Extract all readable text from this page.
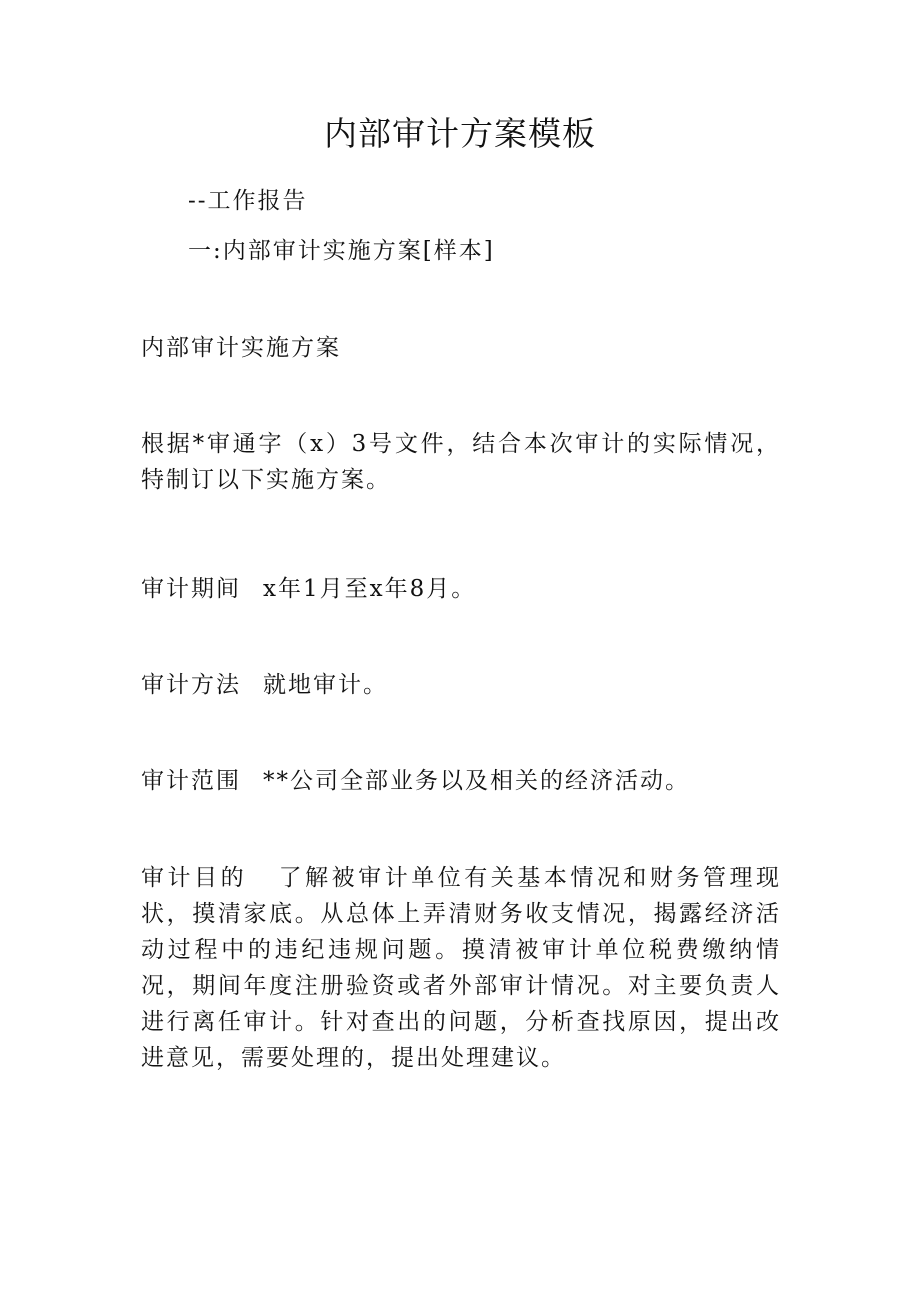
内部审计方案模板
--工作报告
一:内部审计实施方案[样本]
内部审计实施方案
根据*审通字（x）3号文件，结合本次审计的实际情况，特制订以下实施方案。
审计期间 x年1月至x年8月。
审计方法 就地审计。
审计范围 **公司全部业务以及相关的经济活动。
审计目的 了解被审计单位有关基本情况和财务管理现状，摸清家底。从总体上弄清财务收支情况，揭露经济活动过程中的违纪违规问题。摸清被审计单位税费缴纳情况，期间年度注册验资或者外部审计情况。对主要负责人进行离任审计。针对查出的问题，分析查找原因，提出改进意见，需要处理的，提出处理建议。
